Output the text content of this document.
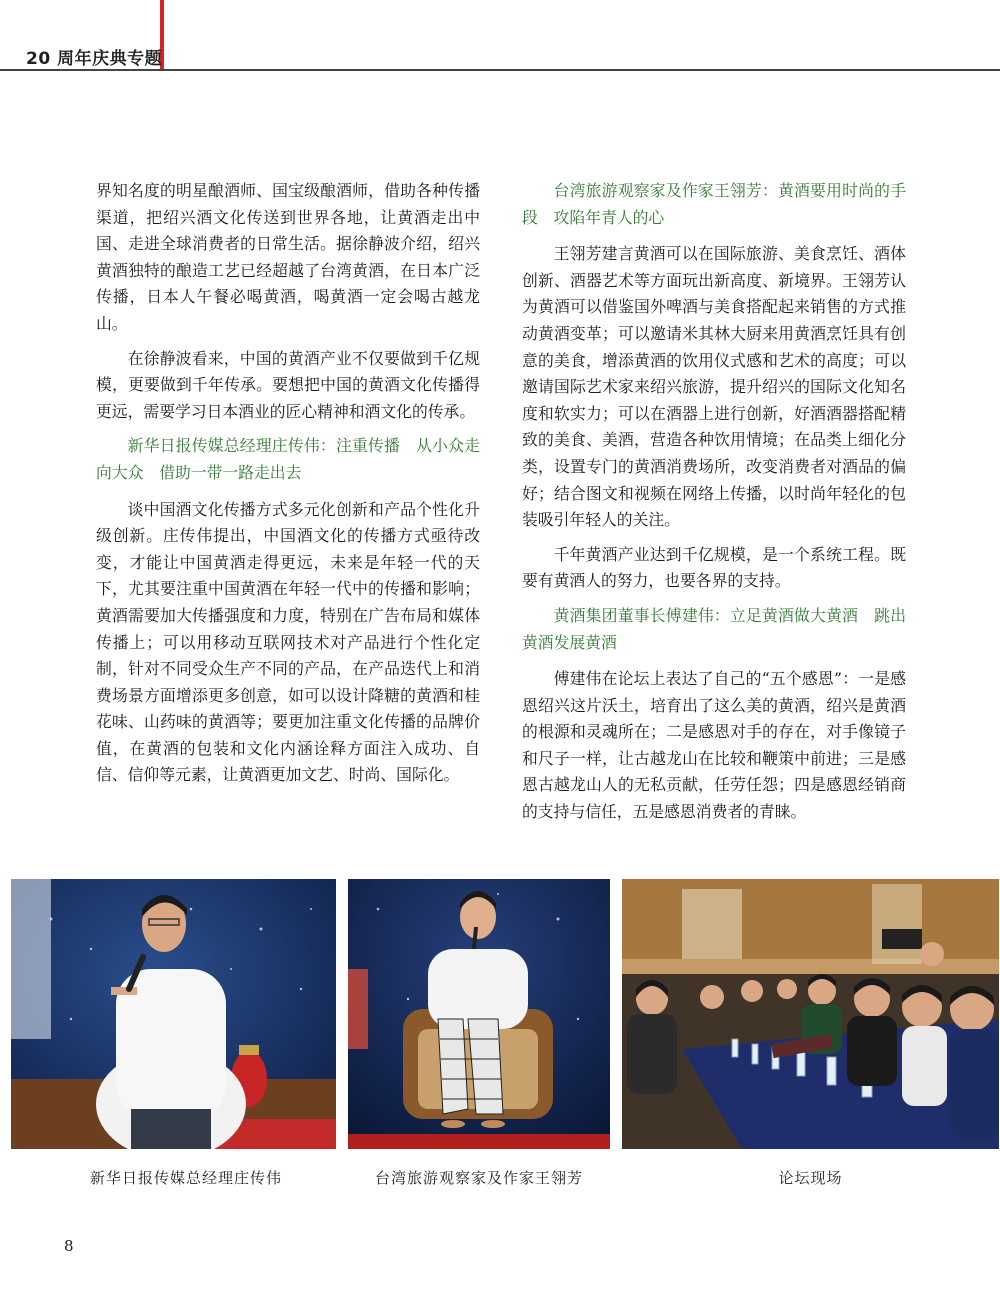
20 周年庆典专题

界知名度的明星酿酒师、国宝级酿酒师，借助各种传播渠道，把绍兴酒文化传送到世界各地，让黄酒走出中国、走进全球消费者的日常生活。据徐静波介绍，绍兴黄酒独特的酿造工艺已经超越了台湾黄酒，在日本广泛传播，日本人午餐必喝黄酒，喝黄酒一定会喝古越龙山。

在徐静波看来，中国的黄酒产业不仅要做到千亿规模，更要做到千年传承。要想把中国的黄酒文化传播得更远，需要学习日本酒业的匠心精神和酒文化的传承。

新华日报传媒总经理庄传伟：注重传播　从小众走向大众　借助一带一路走出去

谈中国酒文化传播方式多元化创新和产品个性化升级创新。庄传伟提出，中国酒文化的传播方式亟待改变，才能让中国黄酒走得更远，未来是年轻一代的天下，尤其要注重中国黄酒在年轻一代中的传播和影响；黄酒需要加大传播强度和力度，特别在广告布局和媒体传播上；可以用移动互联网技术对产品进行个性化定制，针对不同受众生产不同的产品，在产品迭代上和消费场景方面增添更多创意，如可以设计降糖的黄酒和桂花味、山药味的黄酒等；要更加注重文化传播的品牌价值，在黄酒的包装和文化内涵诠释方面注入成功、自信、信仰等元素，让黄酒更加文艺、时尚、国际化。

台湾旅游观察家及作家王翎芳：黄酒要用时尚的手段　攻陷年青人的心

王翎芳建言黄酒可以在国际旅游、美食烹饪、酒体创新、酒器艺术等方面玩出新高度、新境界。王翎芳认为黄酒可以借鉴国外啤酒与美食搭配起来销售的方式推动黄酒变革；可以邀请米其林大厨来用黄酒烹饪具有创意的美食，增添黄酒的饮用仪式感和艺术的高度；可以邀请国际艺术家来绍兴旅游，提升绍兴的国际文化知名度和软实力；可以在酒器上进行创新，好酒酒器搭配精致的美食、美酒，营造各种饮用情境；在品类上细化分类，设置专门的黄酒消费场所，改变消费者对酒品的偏好；结合图文和视频在网络上传播，以时尚年轻化的包装吸引年轻人的关注。

千年黄酒产业达到千亿规模，是一个系统工程。既要有黄酒人的努力，也要各界的支持。

黄酒集团董事长傅建伟：立足黄酒做大黄酒　跳出黄酒发展黄酒

傅建伟在论坛上表达了自己的“五个感恩”：一是感恩绍兴这片沃土，培育出了这么美的黄酒，绍兴是黄酒的根源和灵魂所在；二是感恩对手的存在，对手像镜子和尺子一样，让古越龙山在比较和鞭策中前进；三是感恩古越龙山人的无私贡献，任劳任怨；四是感恩经销商的支持与信任，五是感恩消费者的青睐。

新华日报传媒总经理庄传伟	台湾旅游观察家及作家王翎芳	论坛现场
8
